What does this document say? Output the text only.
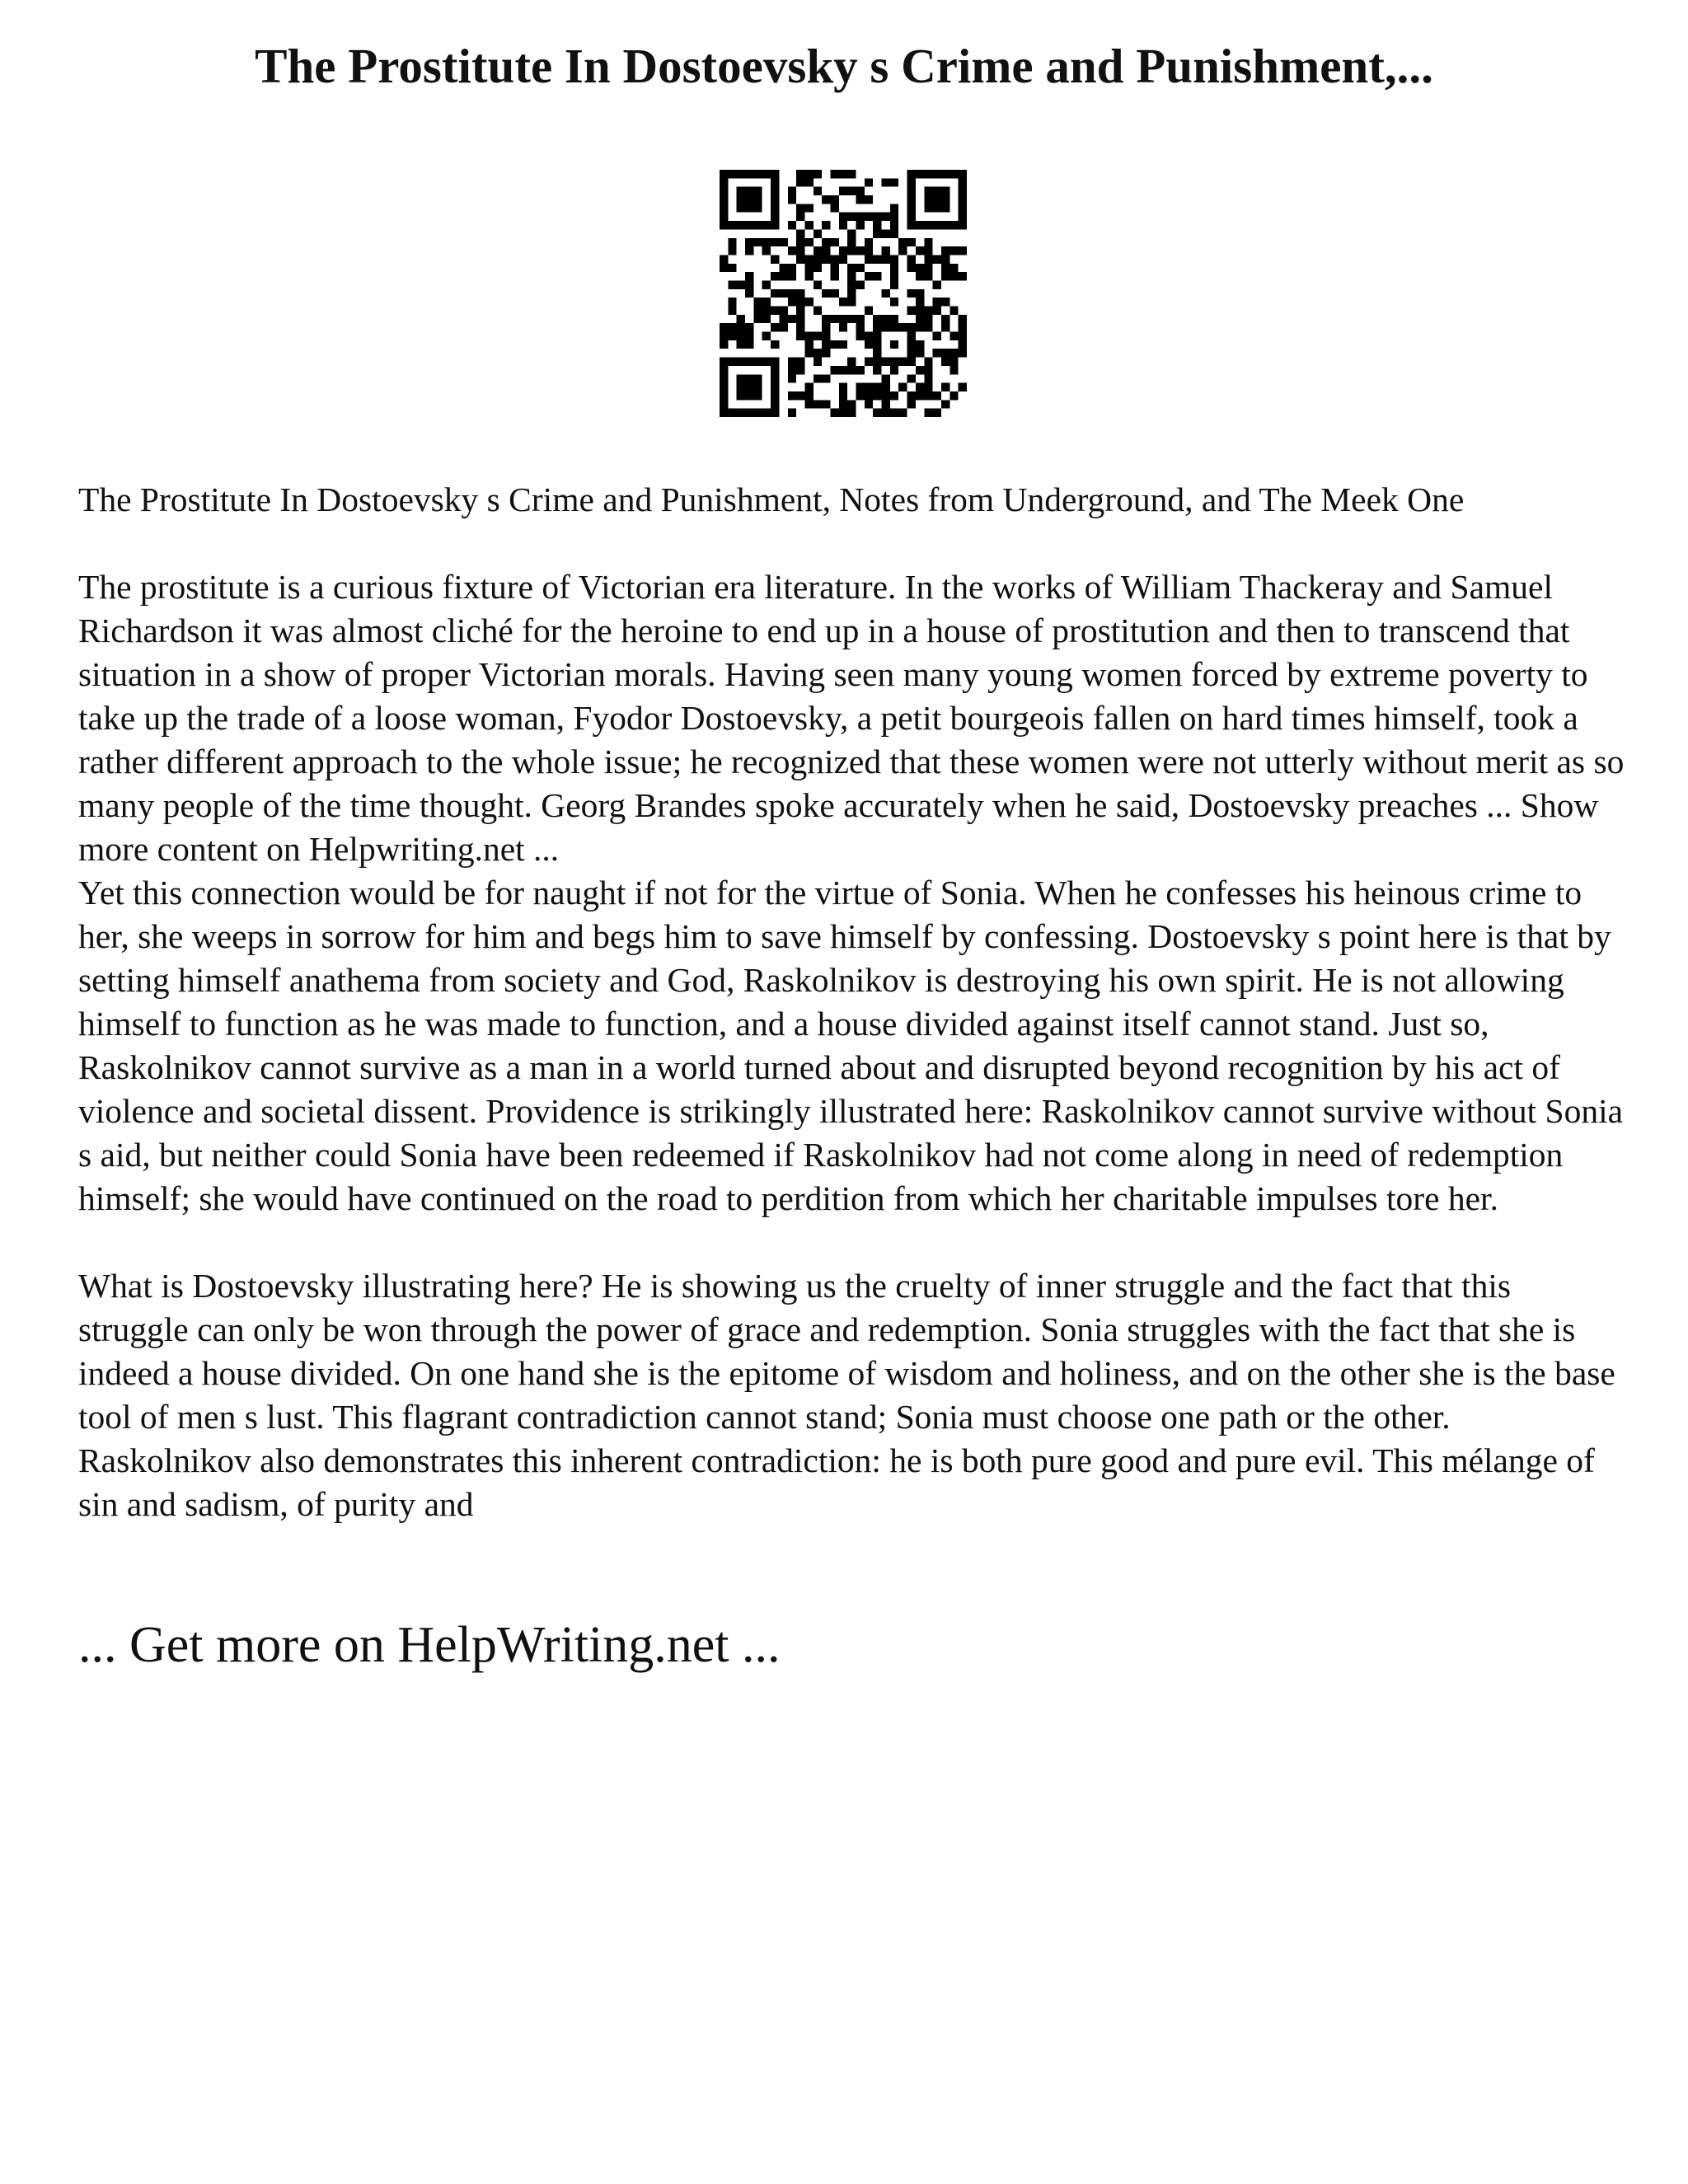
The Prostitute In Dostoevsky s Crime and Punishment,...

The Prostitute In Dostoevsky s Crime and Punishment, Notes from Underground, and The Meek One

The prostitute is a curious fixture of Victorian era literature. In the works of William Thackeray and Samuel Richardson it was almost cliché for the heroine to end up in a house of prostitution and then to transcend that situation in a show of proper Victorian morals. Having seen many young women forced by extreme poverty to take up the trade of a loose woman, Fyodor Dostoevsky, a petit bourgeois fallen on hard times himself, took a rather different approach to the whole issue; he recognized that these women were not utterly without merit as so many people of the time thought. Georg Brandes spoke accurately when he said, Dostoevsky preaches ... Show more content on Helpwriting.net ...

Yet this connection would be for naught if not for the virtue of Sonia. When he confesses his heinous crime to her, she weeps in sorrow for him and begs him to save himself by confessing. Dostoevsky s point here is that by setting himself anathema from society and God, Raskolnikov is destroying his own spirit. He is not allowing himself to function as he was made to function, and a house divided against itself cannot stand. Just so, Raskolnikov cannot survive as a man in a world turned about and disrupted beyond recognition by his act of violence and societal dissent. Providence is strikingly illustrated here: Raskolnikov cannot survive without Sonia s aid, but neither could Sonia have been redeemed if Raskolnikov had not come along in need of redemption himself; she would have continued on the road to perdition from which her charitable impulses tore her.

What is Dostoevsky illustrating here? He is showing us the cruelty of inner struggle and the fact that this struggle can only be won through the power of grace and redemption. Sonia struggles with the fact that she is indeed a house divided. On one hand she is the epitome of wisdom and holiness, and on the other she is the base tool of men s lust. This flagrant contradiction cannot stand; Sonia must choose one path or the other. Raskolnikov also demonstrates this inherent contradiction: he is both pure good and pure evil. This mélange of sin and sadism, of purity and

... Get more on HelpWriting.net ...
